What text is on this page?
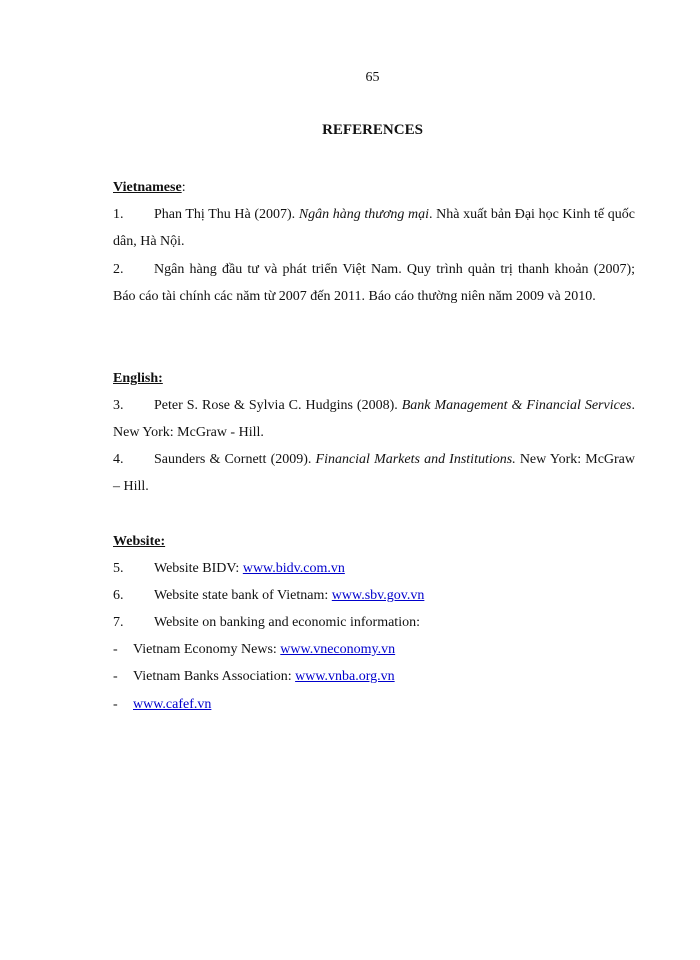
65
REFERENCES
Vietnamese:
1. Phan Thị Thu Hà (2007). Ngân hàng thương mại. Nhà xuất bản Đại học Kinh tế quốc dân, Hà Nội.
2. Ngân hàng đầu tư và phát triển Việt Nam. Quy trình quản trị thanh khoản (2007); Báo cáo tài chính các năm từ 2007 đến 2011. Báo cáo thường niên năm 2009 và 2010.
English:
3. Peter S. Rose & Sylvia C. Hudgins (2008). Bank Management & Financial Services. New York: McGraw - Hill.
4. Saunders & Cornett (2009). Financial Markets and Institutions. New York: McGraw – Hill.
Website:
5. Website BIDV: www.bidv.com.vn
6. Website state bank of Vietnam: www.sbv.gov.vn
7. Website on banking and economic information:
- Vietnam Economy News: www.vneconomy.vn
- Vietnam Banks Association: www.vnba.org.vn
- www.cafef.vn
